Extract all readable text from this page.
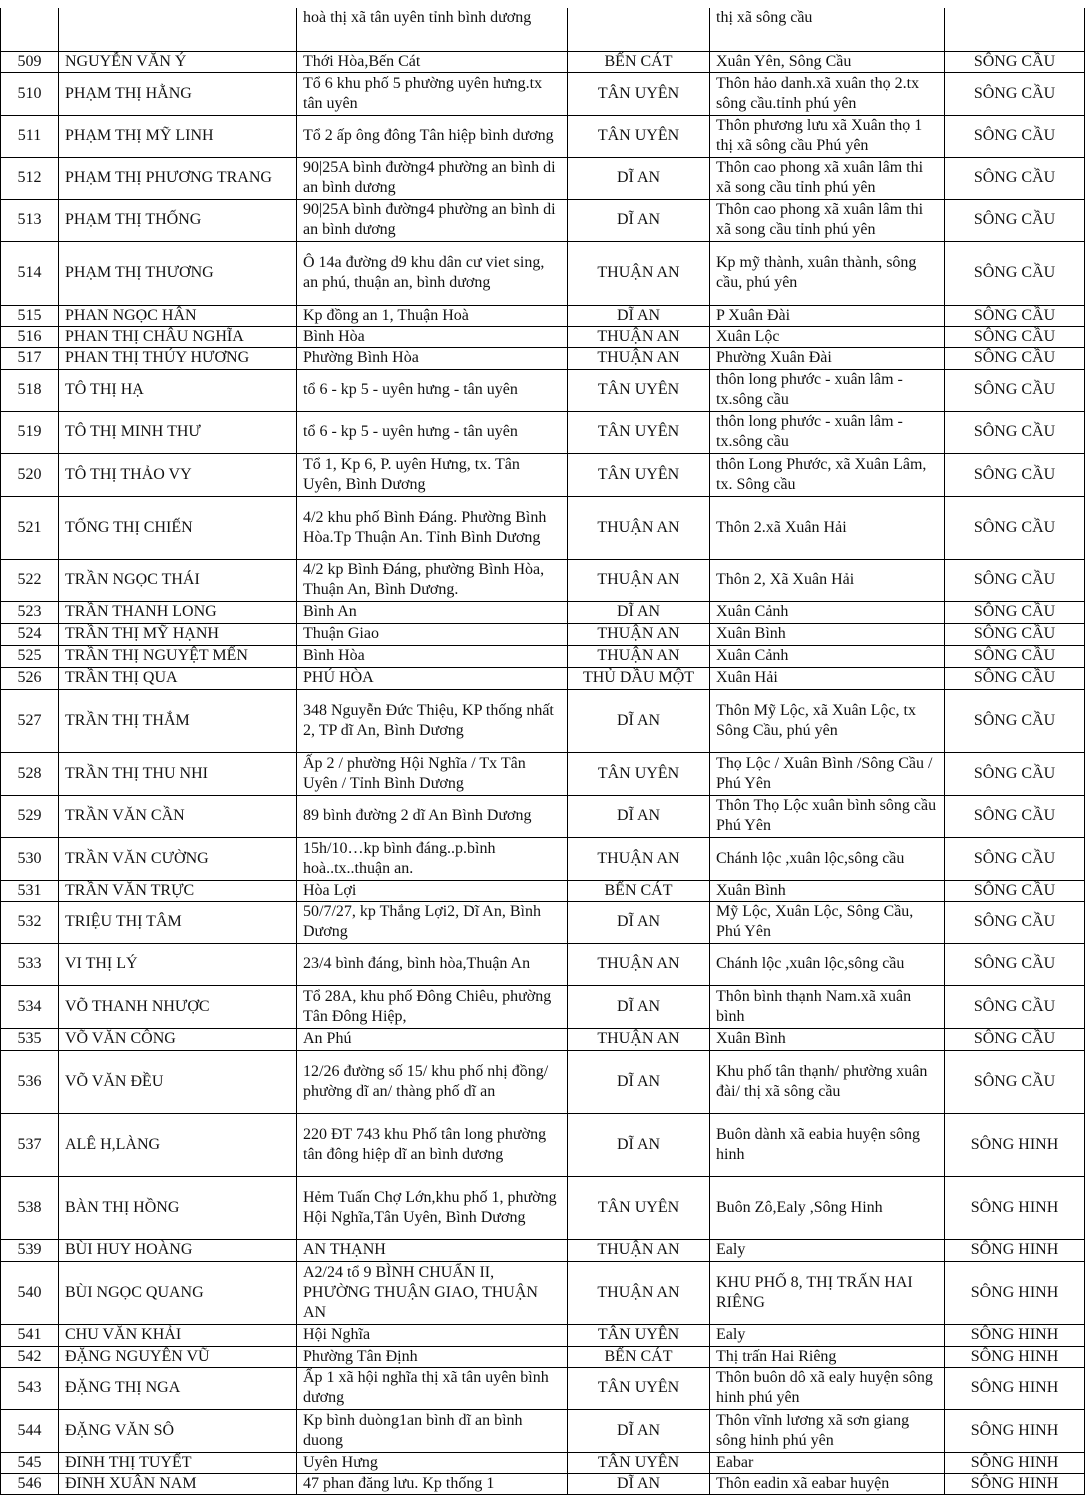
		hoà thị xã tân uyên tỉnh bình dương		thị xã sông cầu	
509	NGUYỄN VĂN Ý	Thới Hòa,Bến Cát	BẾN CÁT	Xuân Yên, Sông Cầu	SÔNG CẦU
510	PHẠM THỊ HẰNG	Tổ 6 khu phố 5 phường uyên hưng.tx tân uyên	TÂN UYÊN	Thôn hảo danh.xã xuân thọ 2.tx sông cầu.tỉnh phú yên	SÔNG CẦU
511	PHẠM THỊ MỸ LINH	Tổ 2 ấp ông đông Tân hiệp bình dương	TÂN UYÊN	Thôn phương lưu xã Xuân thọ 1 thị xã sông cầu Phú yên	SÔNG CẦU
512	PHẠM THỊ PHƯƠNG TRANG	90|25A bình đường4 phường an bình di an bình dương	DĨ AN	Thôn cao phong xã xuân lâm thi xã song cầu tỉnh phú yên	SÔNG CẦU
513	PHẠM THỊ THỐNG	90|25A bình đường4 phường an bình di an bình dương	DĨ AN	Thôn cao phong xã xuân lâm thi xã song cầu tỉnh phú yên	SÔNG CẦU
514	PHẠM THỊ THƯƠNG	Ô 14a đường d9 khu dân cư viet sing, an phú, thuận an, bình dương	THUẬN AN	Kp mỹ thành, xuân thành, sông cầu, phú yên	SÔNG CẦU
515	PHAN NGỌC HÂN	Kp đồng an 1, Thuận Hoà	DĨ AN	P Xuân Đài	SÔNG CẦU
516	PHAN THỊ CHÂU NGHĨA	Bình Hòa	THUẬN AN	Xuân Lộc	SÔNG CẦU
517	PHAN THỊ THÚY HƯƠNG	Phường Bình Hòa	THUẬN AN	Phường Xuân Đài	SÔNG CẦU
518	TÔ THỊ HẠ	tổ 6 - kp 5 - uyên hưng - tân uyên	TÂN UYÊN	thôn long phước - xuân lâm - tx.sông cầu	SÔNG CẦU
519	TÔ THỊ MINH THƯ	tổ 6 - kp 5 - uyên hưng - tân uyên	TÂN UYÊN	thôn long phước - xuân lâm - tx.sông cầu	SÔNG CẦU
520	TÔ THỊ THẢO VY	Tổ 1, Kp 6, P. uyên Hưng, tx. Tân Uyên, Bình Dương	TÂN UYÊN	thôn Long Phước, xã Xuân Lâm, tx. Sông cầu	SÔNG CẦU
521	TỐNG THỊ CHIẾN	4/2 khu phố Bình Đáng. Phường Bình Hòa.Tp Thuận An. Tỉnh Bình Dương	THUẬN AN	Thôn 2.xã Xuân Hải	SÔNG CẦU
522	TRẦN NGỌC THÁI	4/2 kp Bình Đáng, phường Bình Hòa, Thuận An, Bình Dương.	THUẬN AN	Thôn 2, Xã Xuân Hải	SÔNG CẦU
523	TRẦN THANH LONG	Bình An	DĨ AN	Xuân Cảnh	SÔNG CẦU
524	TRẦN THỊ MỸ HẠNH	Thuận Giao	THUẬN AN	Xuân Bình	SÔNG CẦU
525	TRẦN THỊ NGUYỆT MẾN	Bình Hòa	THUẬN AN	Xuân Cảnh	SÔNG CẦU
526	TRẦN THỊ QUA	PHÚ HÒA	THỦ DẦU MỘT	Xuân Hải	SÔNG CẦU
527	TRẦN THỊ THẮM	348 Nguyễn Đức Thiệu, KP thống nhất 2, TP dĩ An, Bình Dương	DĨ AN	Thôn Mỹ Lộc, xã Xuân Lộc, tx Sông Cầu, phú yên	SÔNG CẦU
528	TRẦN THỊ THU NHI	Ấp 2 / phường Hội Nghĩa / Tx Tân Uyên / Tỉnh Bình Dương	TÂN UYÊN	Thọ Lộc / Xuân Bình /Sông Cầu / Phú Yên	SÔNG CẦU
529	TRẦN VĂN CẦN	89 bình đường 2 dĩ An Bình Dương	DĨ AN	Thôn Thọ Lộc xuân bình sông cầu Phú Yên	SÔNG CẦU
530	TRẦN VĂN CƯỜNG	15h/10…kp bình đáng..p.bình hoà..tx..thuận an.	THUẬN AN	Chánh lộc ,xuân lộc,sông cầu	SÔNG CẦU
531	TRẦN VĂN TRỰC	Hòa Lợi	BẾN CÁT	Xuân Bình	SÔNG CẦU
532	TRIỆU THỊ TÂM	50/7/27, kp Thắng Lợi2, Dĩ An, Bình Dương	DĨ AN	Mỹ Lộc, Xuân Lộc, Sông Cầu, Phú Yên	SÔNG CẦU
533	VI THỊ LÝ	23/4 bình đáng, bình hòa,Thuận An	THUẬN AN	Chánh lộc ,xuân lộc,sông cầu	SÔNG CẦU
534	VÕ THANH NHƯỢC	Tổ 28A, khu phố Đông Chiêu, phường Tân Đông Hiệp,	DĨ AN	Thôn bình thạnh Nam.xã xuân bình	SÔNG CẦU
535	VÕ VĂN CÔNG	An Phú	THUẬN AN	Xuân Bình	SÔNG CẦU
536	VÕ VĂN ĐỀU	12/26 đường số 15/ khu phố nhị đồng/ phường dĩ an/ thàng phố dĩ an	DĨ AN	Khu phố tân thạnh/ phường xuân đài/ thị xã sông cầu	SÔNG CẦU
537	ALÊ H,LÀNG	220 ĐT 743 khu Phố tân long phường tân đông hiệp dĩ an bình dương	DĨ AN	Buôn dành xã eabia huyện sông hinh	SÔNG HINH
538	BÀN THỊ HỒNG	Hẻm Tuấn Chợ Lớn,khu phố 1, phường Hội Nghĩa,Tân Uyên, Bình Dương	TÂN UYÊN	Buôn Zô,Ealy ,Sông Hinh	SÔNG HINH
539	BÙI HUY HOÀNG	AN THẠNH	THUẬN AN	Ealy	SÔNG HINH
540	BÙI NGỌC QUANG	A2/24 tổ 9 BÌNH CHUẨN II, PHƯỜNG THUẬN GIAO, THUẬN AN	THUẬN AN	KHU PHỐ 8, THỊ TRẤN HAI RIÊNG	SÔNG HINH
541	CHU VĂN KHẢI	Hội Nghĩa	TÂN UYÊN	Ealy	SÔNG HINH
542	ĐẶNG NGUYÊN VŨ	Phường Tân Định	BẾN CÁT	Thị trấn Hai Riêng	SÔNG HINH
543	ĐẶNG THỊ NGA	Ấp 1 xã hội nghĩa thị xã tân uyên bình dương	TÂN UYÊN	Thôn buôn dô xã ealy huyện sông hinh phú yên	SÔNG HINH
544	ĐẶNG VĂN SÔ	Kp bình duòng1an bình dĩ an bình duong	DĨ AN	Thôn vĩnh lương xã sơn giang sông hinh phú yên	SÔNG HINH
545	ĐINH THỊ TUYẾT	Uyên Hưng	TÂN UYÊN	Eabar	SÔNG HINH
546	ĐINH XUÂN NAM	47 phan đăng lưu. Kp thống 1	DĨ AN	Thôn eadin xã eabar huyện	SÔNG HINH
